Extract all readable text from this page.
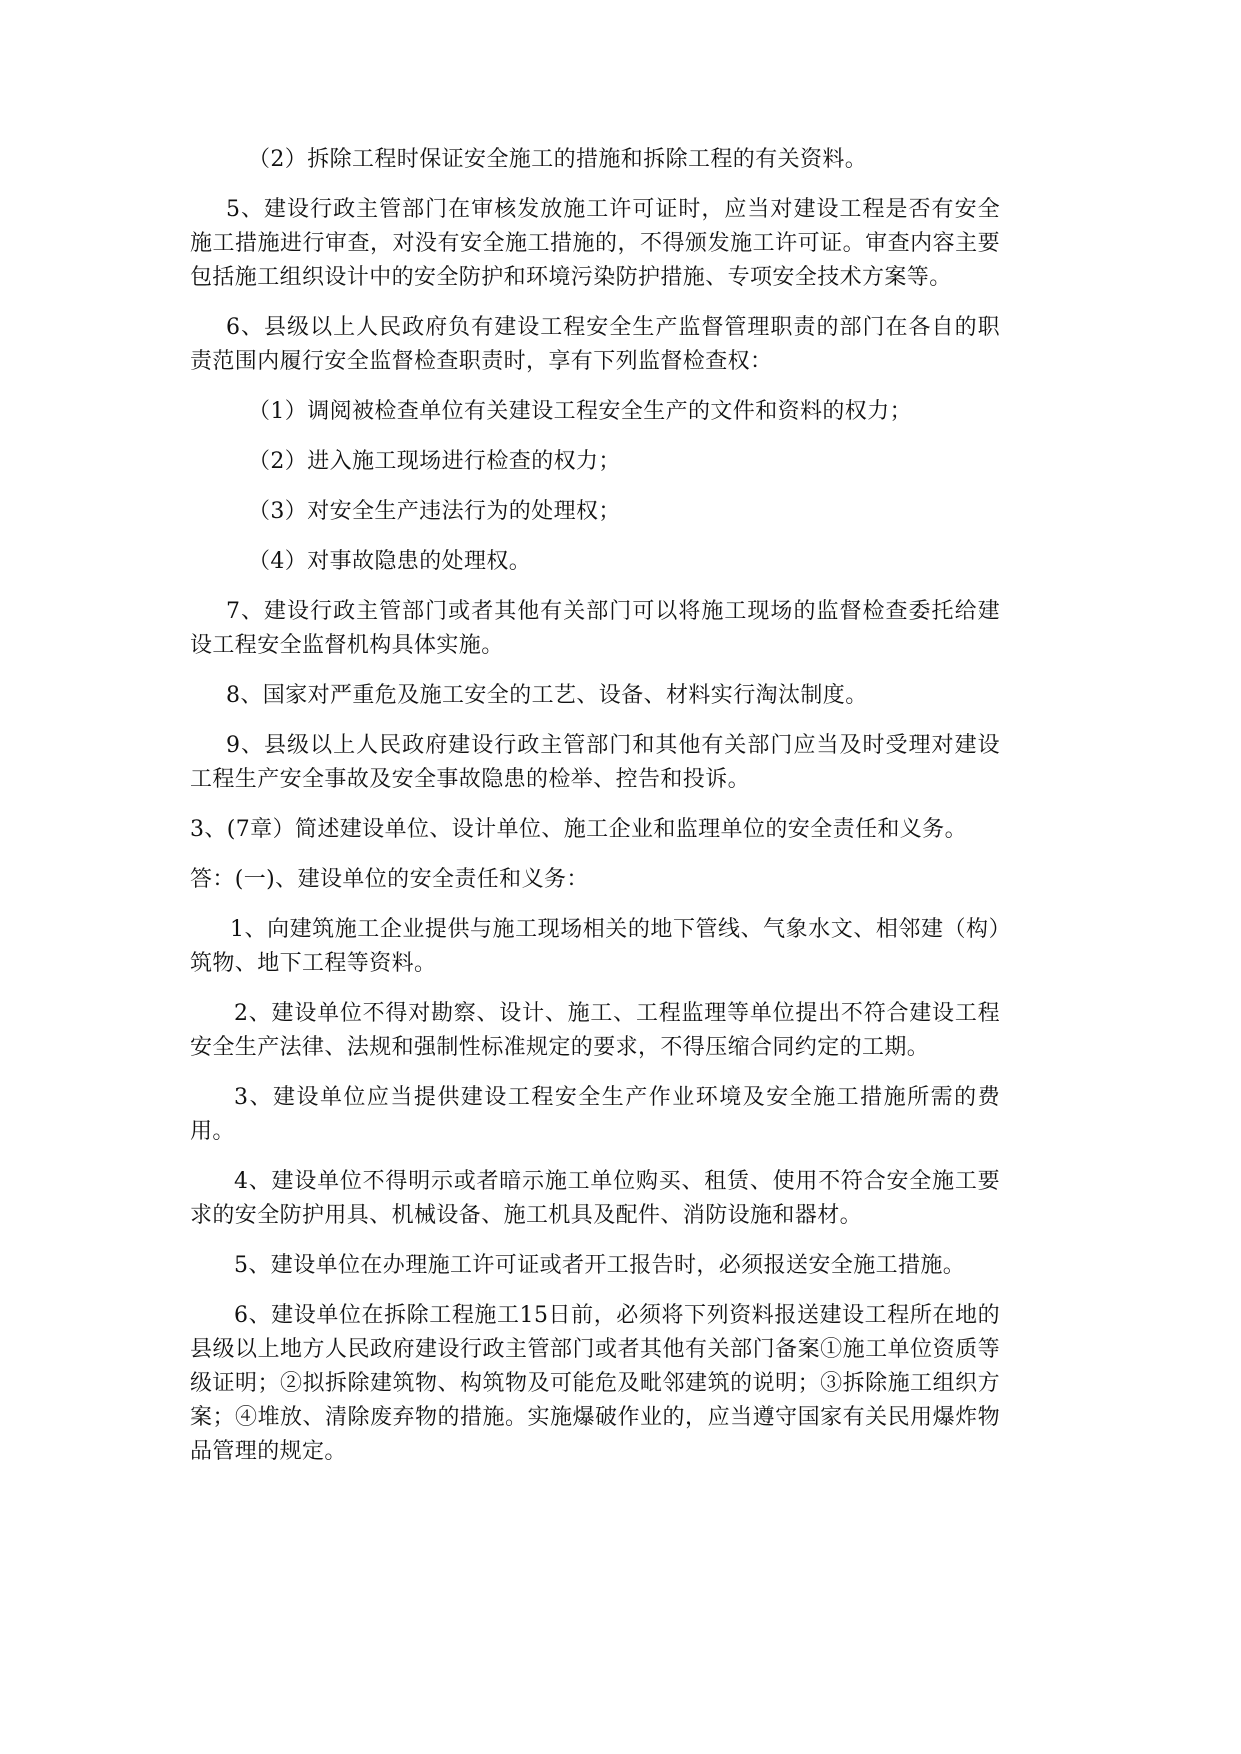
（2）拆除工程时保证安全施工的措施和拆除工程的有关资料。

5、建设行政主管部门在审核发放施工许可证时，应当对建设工程是否有安全施工措施进行审查，对没有安全施工措施的，不得颁发施工许可证。审查内容主要包括施工组织设计中的安全防护和环境污染防护措施、专项安全技术方案等。

6、县级以上人民政府负有建设工程安全生产监督管理职责的部门在各自的职责范围内履行安全监督检查职责时，享有下列监督检查权：

（1）调阅被检查单位有关建设工程安全生产的文件和资料的权力；

（2）进入施工现场进行检查的权力；

（3）对安全生产违法行为的处理权；

（4）对事故隐患的处理权。

7、建设行政主管部门或者其他有关部门可以将施工现场的监督检查委托给建设工程安全监督机构具体实施。

8、国家对严重危及施工安全的工艺、设备、材料实行淘汰制度。

9、县级以上人民政府建设行政主管部门和其他有关部门应当及时受理对建设工程生产安全事故及安全事故隐患的检举、控告和投诉。

3、(7章）简述建设单位、设计单位、施工企业和监理单位的安全责任和义务。

答：(一)、建设单位的安全责任和义务：

1、向建筑施工企业提供与施工现场相关的地下管线、气象水文、相邻建（构）筑物、地下工程等资料。

2、建设单位不得对勘察、设计、施工、工程监理等单位提出不符合建设工程安全生产法律、法规和强制性标准规定的要求，不得压缩合同约定的工期。

3、建设单位应当提供建设工程安全生产作业环境及安全施工措施所需的费用。

4、建设单位不得明示或者暗示施工单位购买、租赁、使用不符合安全施工要求的安全防护用具、机械设备、施工机具及配件、消防设施和器材。

5、建设单位在办理施工许可证或者开工报告时，必须报送安全施工措施。

6、建设单位在拆除工程施工15日前，必须将下列资料报送建设工程所在地的县级以上地方人民政府建设行政主管部门或者其他有关部门备案①施工单位资质等级证明；②拟拆除建筑物、构筑物及可能危及毗邻建筑的说明；③拆除施工组织方案；④堆放、清除废弃物的措施。实施爆破作业的，应当遵守国家有关民用爆炸物品管理的规定。
